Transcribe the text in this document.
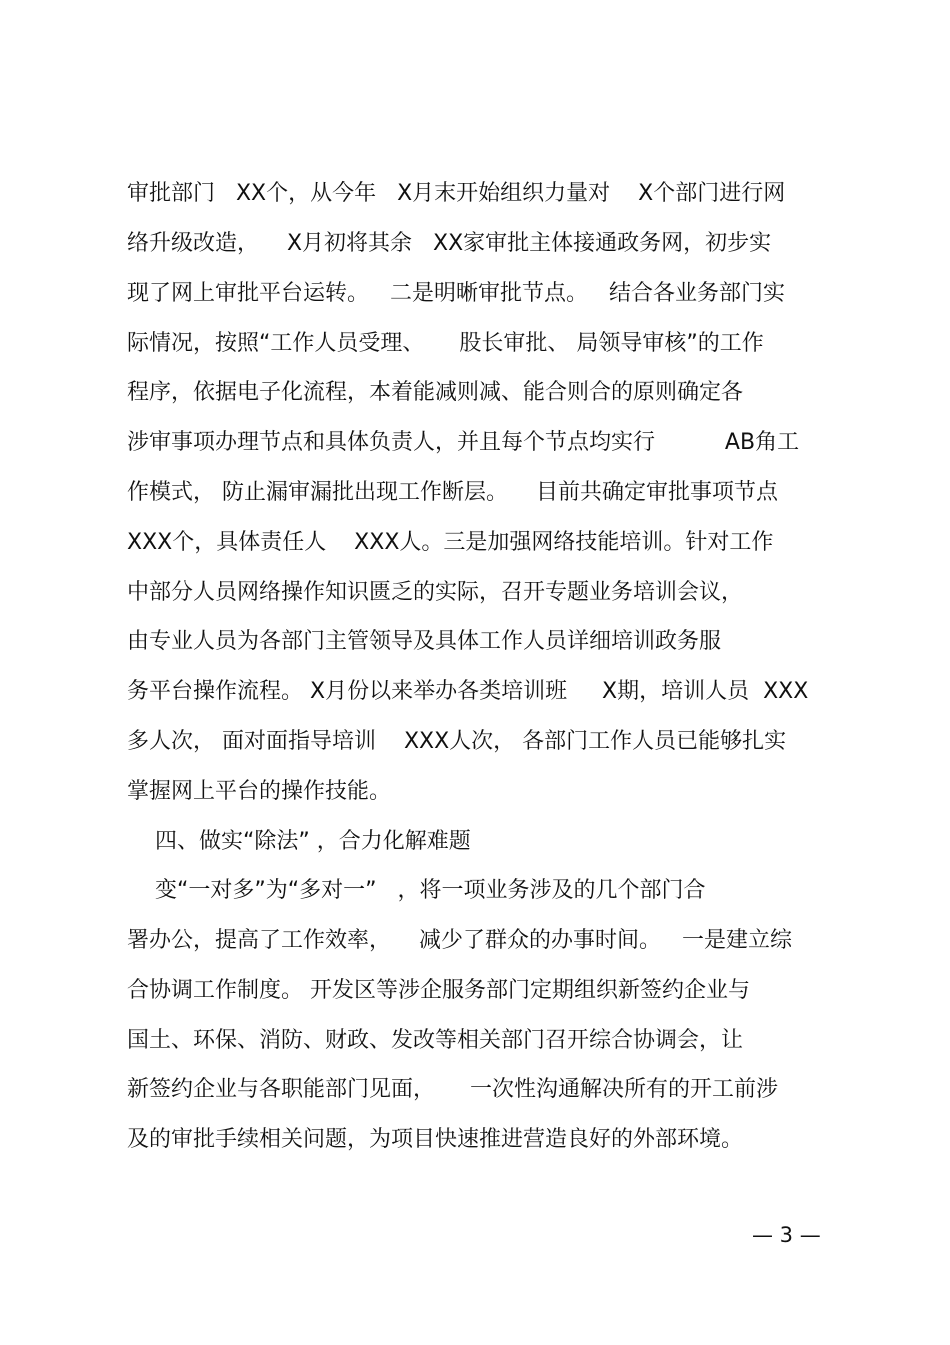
审批部门   XX个，从今年   X月末开始组织力量对    X个部门进行网
络升级改造，    X月初将其余   XX家审批主体接通政务网，初步实
现了网上审批平台运转。   二是明晰审批节点。   结合各业务部门实
际情况，按照“工作人员受理、     股长审批、 局领导审核”的工作
程序，依据电子化流程，本着能减则减、能合则合的原则确定各
涉审事项办理节点和具体负责人，并且每个节点均实行          AB角工
作模式， 防止漏审漏批出现工作断层。    目前共确定审批事项节点
XXX个，具体责任人    XXX人。三是加强网络技能培训。针对工作
中部分人员网络操作知识匮乏的实际，召开专题业务培训会议，
由专业人员为各部门主管领导及具体工作人员详细培训政务服
务平台操作流程。 X月份以来举办各类培训班     X期，培训人员  XXX
多人次， 面对面指导培训    XXX人次， 各部门工作人员已能够扎实
掌握网上平台的操作技能。
四、做实“除法” ，合力化解难题
变“一对多”为“多对一”   ，将一项业务涉及的几个部门合
署办公，提高了工作效率，    减少了群众的办事时间。   一是建立综
合协调工作制度。 开发区等涉企服务部门定期组织新签约企业与
国土、环保、消防、财政、发改等相关部门召开综合协调会，让
新签约企业与各职能部门见面，     一次性沟通解决所有的开工前涉
及的审批手续相关问题，为项目快速推进营造良好的外部环境。
— 3 —
